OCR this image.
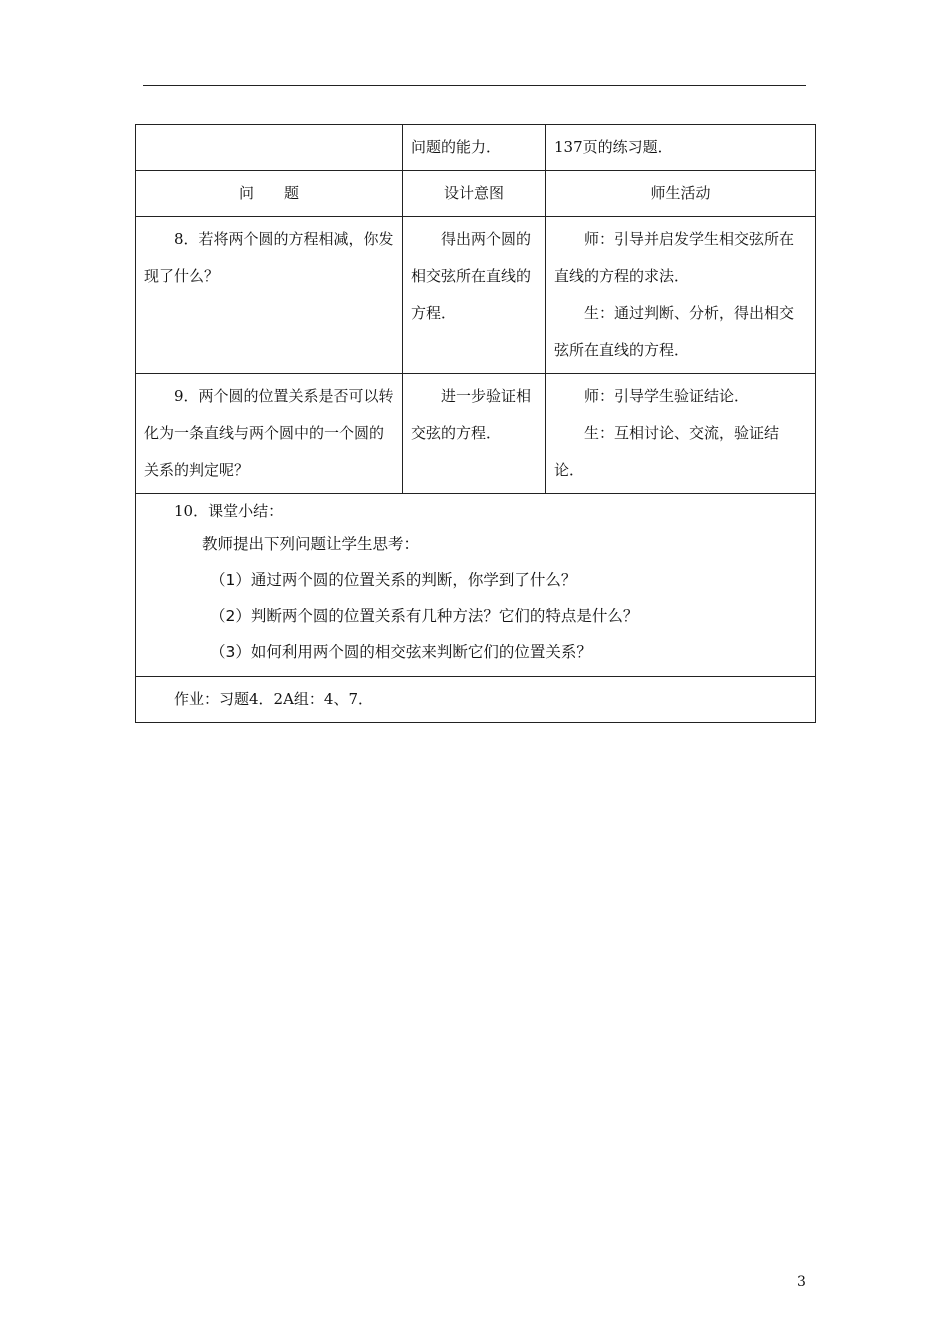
	问题的能力．	137页的练习题．
问　　题	设计意图	师生活动
8．若将两个圆的方程相减，你发现了什么？	得出两个圆的相交弦所在直线的方程．	师：引导并启发学生相交弦所在直线的方程的求法．

生：通过判断、分析，得出相交弦所在直线的方程．

9．两个圆的位置关系是否可以转化为一条直线与两个圆中的一个圆的关系的判定呢？	进一步验证相交弦的方程．	师：引导学生验证结论．

生：互相讨论、交流，验证结论．

10．课堂小结：

教师提出下列问题让学生思考：

（1）通过两个圆的位置关系的判断，你学到了什么？

（2）判断两个圆的位置关系有几种方法？它们的特点是什么？

（3）如何利用两个圆的相交弦来判断它们的位置关系？		

作业：习题4．2A组：4、7．		
3
